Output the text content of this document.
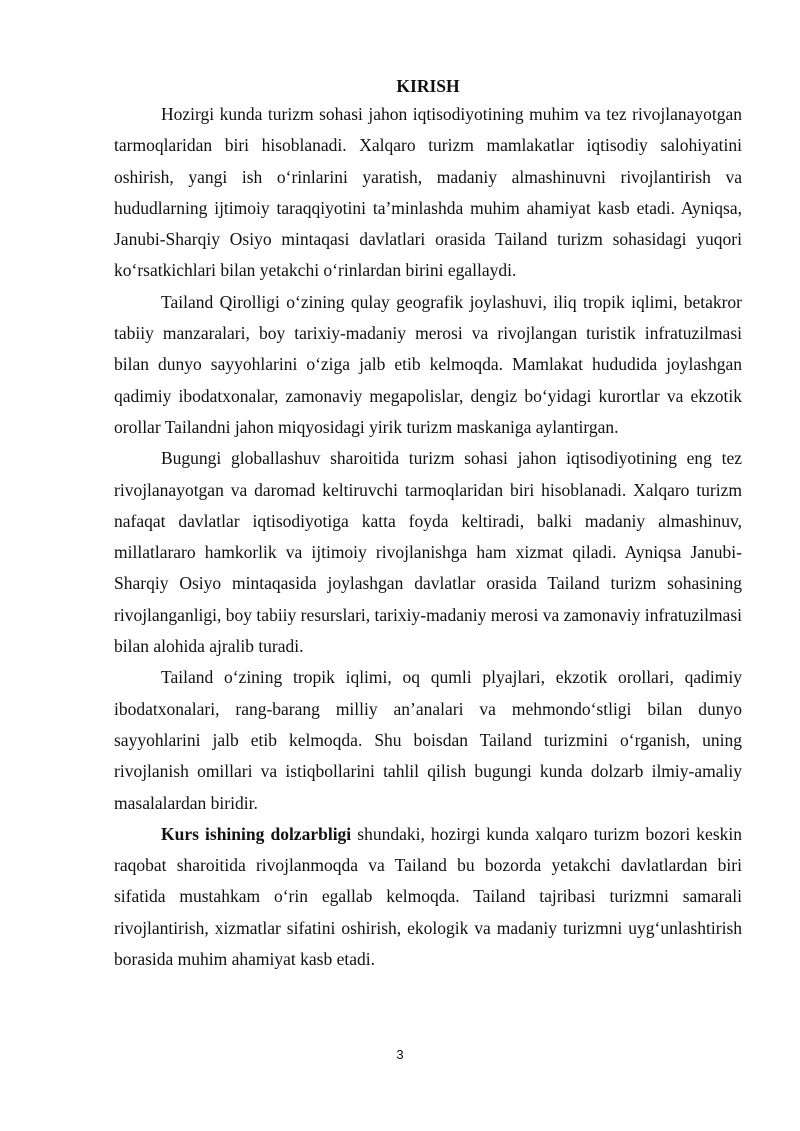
KIRISH

Hozirgi kunda turizm sohasi jahon iqtisodiyotining muhim va tez rivojlanayotgan tarmoqlaridan biri hisoblanadi. Xalqaro turizm mamlakatlar iqtisodiy salohiyatini oshirish, yangi ish o‘rinlarini yaratish, madaniy almashinuvni rivojlantirish va hududlarning ijtimoiy taraqqiyotini ta’minlashda muhim ahamiyat kasb etadi. Ayniqsa, Janubi-Sharqiy Osiyo mintaqasi davlatlari orasida Tailand turizm sohasidagi yuqori ko‘rsatkichlari bilan yetakchi o‘rinlardan birini egallaydi.

Tailand Qirolligi o‘zining qulay geografik joylashuvi, iliq tropik iqlimi, betakror tabiiy manzaralari, boy tarixiy-madaniy merosi va rivojlangan turistik infratuzilmasi bilan dunyo sayyohlarini o‘ziga jalb etib kelmoqda. Mamlakat hududida joylashgan qadimiy ibodatxonalar, zamonaviy megapolislar, dengiz bo‘yidagi kurortlar va ekzotik orollar Tailandni jahon miqyosidagi yirik turizm maskaniga aylantirgan.

Bugungi globallashuv sharoitida turizm sohasi jahon iqtisodiyotining eng tez rivojlanayotgan va daromad keltiruvchi tarmoqlaridan biri hisoblanadi. Xalqaro turizm nafaqat davlatlar iqtisodiyotiga katta foyda keltiradi, balki madaniy almashinuv, millatlararo hamkorlik va ijtimoiy rivojlanishga ham xizmat qiladi. Ayniqsa Janubi-Sharqiy Osiyo mintaqasida joylashgan davlatlar orasida Tailand turizm sohasining rivojlanganligi, boy tabiiy resurslari, tarixiy-madaniy merosi va zamonaviy infratuzilmasi bilan alohida ajralib turadi.

Tailand o‘zining tropik iqlimi, oq qumli plyajlari, ekzotik orollari, qadimiy ibodatxonalari, rang-barang milliy an’analari va mehmondo‘stligi bilan dunyo sayyohlarini jalb etib kelmoqda. Shu boisdan Tailand turizmini o‘rganish, uning rivojlanish omillari va istiqbollarini tahlil qilish bugungi kunda dolzarb ilmiy-amaliy masalalardan biridir.

Kurs ishining dolzarbligi shundaki, hozirgi kunda xalqaro turizm bozori keskin raqobat sharoitida rivojlanmoqda va Tailand bu bozorda yetakchi davlatlardan biri sifatida mustahkam o‘rin egallab kelmoqda. Tailand tajribasi turizmni samarali rivojlantirish, xizmatlar sifatini oshirish, ekologik va madaniy turizmni uyg‘unlashtirish borasida muhim ahamiyat kasb etadi.

3
